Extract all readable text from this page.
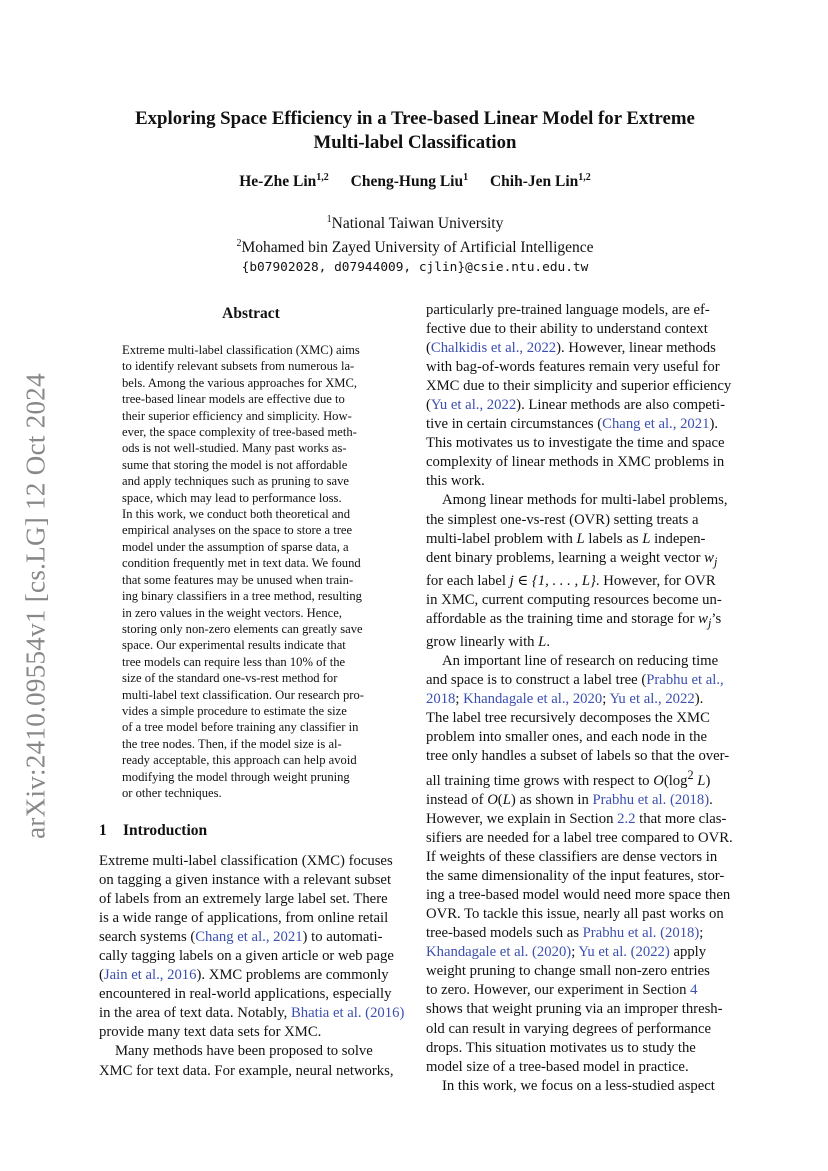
arXiv:2410.09554v1 [cs.LG] 12 Oct 2024
Exploring Space Efficiency in a Tree-based Linear Model for Extreme
Multi-label Classification
He-Zhe Lin$^{1,2}$ Cheng-Hung Liu$^1$ Chih-Jen Lin$^{1,2}$
$^1$National Taiwan University
$^2$Mohamed bin Zayed University of Artificial Intelligence
{b07902028, d07944009, cjlin}@csie.ntu.edu.tw
Abstract
Extreme multi-label classification (XMC) aims
to identify relevant subsets from numerous la-
bels. Among the various approaches for XMC,
tree-based linear models are effective due to
their superior efficiency and simplicity. How-
ever, the space complexity of tree-based meth-
ods is not well-studied. Many past works as-
sume that storing the model is not affordable
and apply techniques such as pruning to save
space, which may lead to performance loss.
In this work, we conduct both theoretical and
empirical analyses on the space to store a tree
model under the assumption of sparse data, a
condition frequently met in text data. We found
that some features may be unused when train-
ing binary classifiers in a tree method, resulting
in zero values in the weight vectors. Hence,
storing only non-zero elements can greatly save
space. Our experimental results indicate that
tree models can require less than 10% of the
size of the standard one-vs-rest method for
multi-label text classification. Our research pro-
vides a simple procedure to estimate the size
of a tree model before training any classifier in
the tree nodes. Then, if the model size is al-
ready acceptable, this approach can help avoid
modifying the model through weight pruning
or other techniques.
1 Introduction
Extreme multi-label classification (XMC) focuses
on tagging a given instance with a relevant subset
of labels from an extremely large label set. There
is a wide range of applications, from online retail
search systems (Chang et al., 2021) to automati-
cally tagging labels on a given article or web page
(Jain et al., 2016). XMC problems are commonly
encountered in real-world applications, especially
in the area of text data. Notably, Bhatia et al. (2016)
provide many text data sets for XMC.
Many methods have been proposed to solve
XMC for text data. For example, neural networks,
particularly pre-trained language models, are ef-
fective due to their ability to understand context
(Chalkidis et al., 2022). However, linear methods
with bag-of-words features remain very useful for
XMC due to their simplicity and superior efficiency
(Yu et al., 2022). Linear methods are also competi-
tive in certain circumstances (Chang et al., 2021).
This motivates us to investigate the time and space
complexity of linear methods in XMC problems in
this work.
Among linear methods for multi-label problems,
the simplest one-vs-rest (OVR) setting treats a
multi-label problem with L labels as L indepen-
dent binary problems, learning a weight vector $w_j$
for each label j ∈ {1, . . . , L}. However, for OVR
in XMC, current computing resources become un-
affordable as the training time and storage for $w_j’s$
grow linearly with L.
An important line of research on reducing time
and space is to construct a label tree (Prabhu et al.,
2018; Khandagale et al., 2020; Yu et al., 2022).
The label tree recursively decomposes the XMC
problem into smaller ones, and each node in the
tree only handles a subset of labels so that the over-
all training time grows with respect to $O(\log^2$ L)
instead of O(L) as shown in Prabhu et al. (2018).
However, we explain in Section 2.2 that more clas-
sifiers are needed for a label tree compared to OVR.
If weights of these classifiers are dense vectors in
the same dimensionality of the input features, stor-
ing a tree-based model would need more space then
OVR. To tackle this issue, nearly all past works on
tree-based models such as Prabhu et al. (2018);
Khandagale et al. (2020); Yu et al. (2022) apply
weight pruning to change small non-zero entries
to zero. However, our experiment in Section 4
shows that weight pruning via an improper thresh-
old can result in varying degrees of performance
drops. This situation motivates us to study the
model size of a tree-based model in practice.
In this work, we focus on a less-studied aspect
